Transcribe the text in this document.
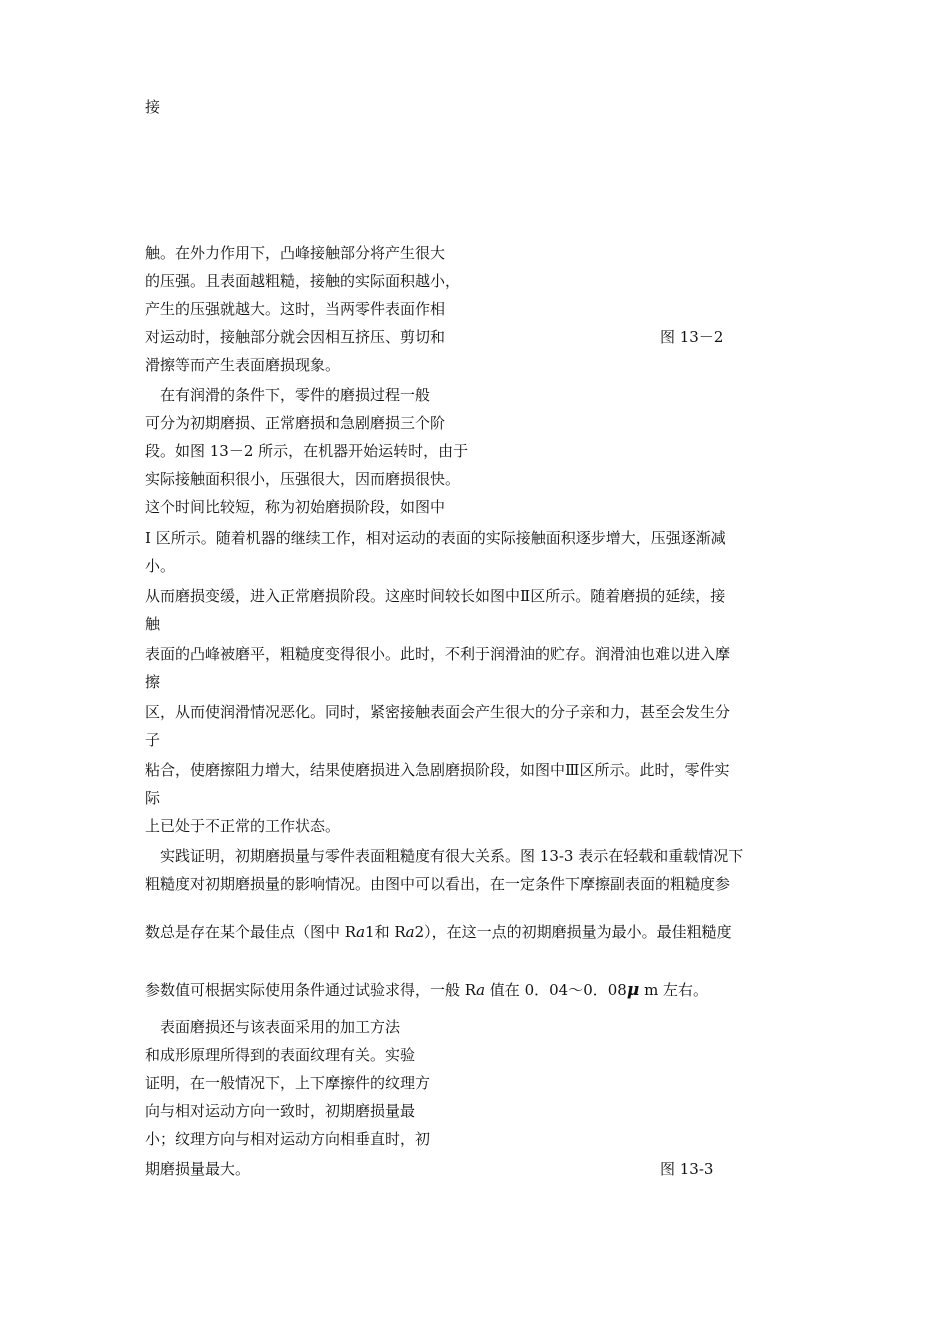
接
触。在外力作用下，凸峰接触部分将产生很大
的压强。且表面越粗糙，接触的实际面积越小，
产生的压强就越大。这时，当两零件表面作相
对运动时，接触部分就会因相互挤压、剪切和
滑擦等而产生表面磨损现象。
图 13－2
　在有润滑的条件下，零件的磨损过程一般
可分为初期磨损、正常磨损和急剧磨损三个阶
段。如图 13－2 所示，在机器开始运转时，由于
实际接触面积很小，压强很大，因而磨损很快。
这个时间比较短，称为初始磨损阶段，如图中
Ⅰ 区所示。随着机器的继续工作，相对运动的表面的实际接触面积逐步增大，压强逐渐减
小。
从而磨损变缓，进入正常磨损阶段。这座时间较长如图中Ⅱ区所示。随着磨损的延续，接
触
表面的凸峰被磨平，粗糙度变得很小。此时，不利于润滑油的贮存。润滑油也难以进入摩
擦
区，从而使润滑情况恶化。同时，紧密接触表面会产生很大的分子亲和力，甚至会发生分
子
粘合，使磨擦阻力增大，结果使磨损进入急剧磨损阶段，如图中Ⅲ区所示。此时，零件实
际
上已处于不正常的工作状态。
　实践证明，初期磨损量与零件表面粗糙度有很大关系。图 13-3 表示在轻载和重载情况下
粗糙度对初期磨损量的影响情况。由图中可以看出，在一定条件下摩擦副表面的粗糙度参
数总是存在某个最佳点（图中 Ra1和 Ra2），在这一点的初期磨损量为最小。最佳粗糙度
参数值可根据实际使用条件通过试验求得，一般 Ra 值在 0．04～0．08μ m 左右。
　表面磨损还与该表面采用的加工方法
和成形原理所得到的表面纹理有关。实验
证明，在一般情况下，上下摩擦件的纹理方
向与相对运动方向一致时，初期磨损量最
小；纹理方向与相对运动方向相垂直时，初
期磨损量最大。	图 13-3
